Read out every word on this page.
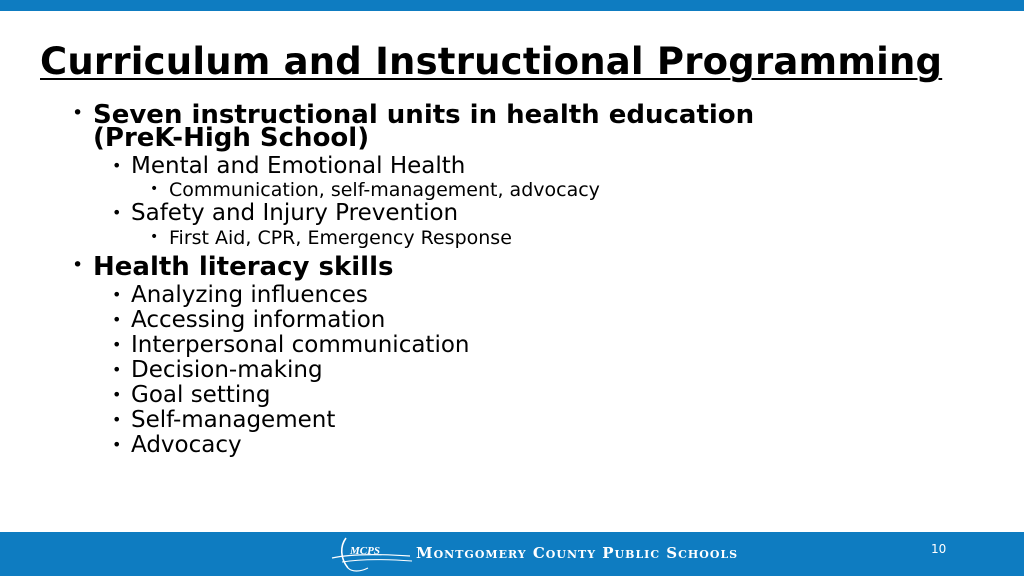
Curriculum and Instructional Programming
• Seven instructional units in health education
(PreK-High School)
• Mental and Emotional Health
• Communication, self-management, advocacy
• Safety and Injury Prevention
• First Aid, CPR, Emergency Response
• Health literacy skills
• Analyzing influences
• Accessing information
• Interpersonal communication
• Decision-making
• Goal setting
• Self-management
• Advocacy
MCPS Montgomery County Public Schools	10
